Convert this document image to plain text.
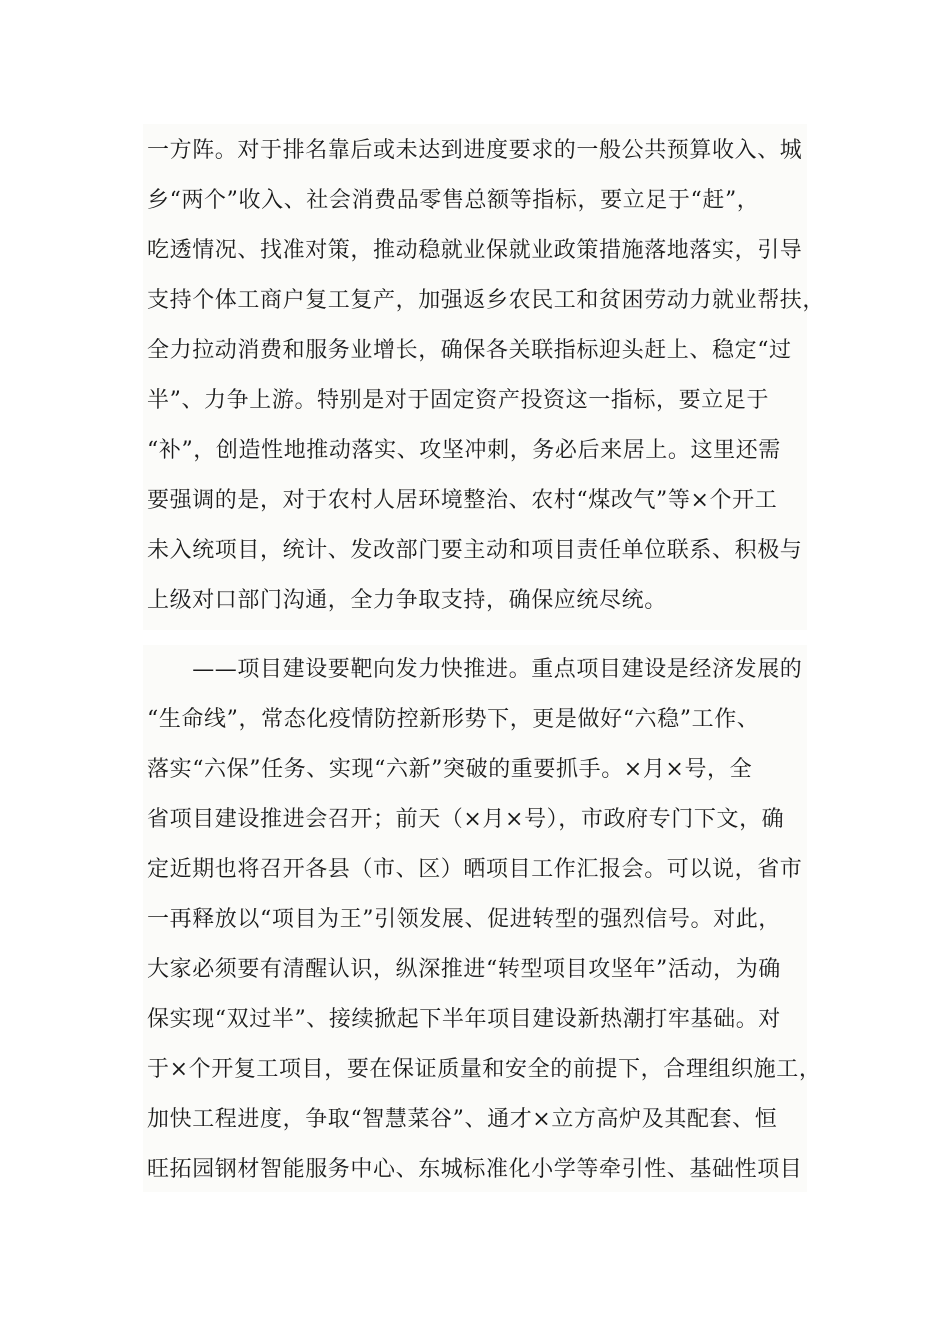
一方阵。对于排名靠后或未达到进度要求的一般公共预算收入、城
乡“两个”收入、社会消费品零售总额等指标，要立足于“赶”，
吃透情况、找准对策，推动稳就业保就业政策措施落地落实，引导
支持个体工商户复工复产，加强返乡农民工和贫困劳动力就业帮扶，
全力拉动消费和服务业增长，确保各关联指标迎头赶上、稳定“过
半”、力争上游。特别是对于固定资产投资这一指标，要立足于
“补”，创造性地推动落实、攻坚冲刺，务必后来居上。这里还需
要强调的是，对于农村人居环境整治、农村“煤改气”等×个开工
未入统项目，统计、发改部门要主动和项目责任单位联系、积极与
上级对口部门沟通，全力争取支持，确保应统尽统。
　　——项目建设要靶向发力快推进。重点项目建设是经济发展的
“生命线”，常态化疫情防控新形势下，更是做好“六稳”工作、
落实“六保”任务、实现“六新”突破的重要抓手。×月×号，全
省项目建设推进会召开；前天（×月×号），市政府专门下文，确
定近期也将召开各县（市、区）晒项目工作汇报会。可以说，省市
一再释放以“项目为王”引领发展、促进转型的强烈信号。对此，
大家必须要有清醒认识，纵深推进“转型项目攻坚年”活动，为确
保实现“双过半”、接续掀起下半年项目建设新热潮打牢基础。对
于×个开复工项目，要在保证质量和安全的前提下，合理组织施工，
加快工程进度，争取“智慧菜谷”、通才×立方高炉及其配套、恒
旺拓园钢材智能服务中心、东城标准化小学等牵引性、基础性项目
